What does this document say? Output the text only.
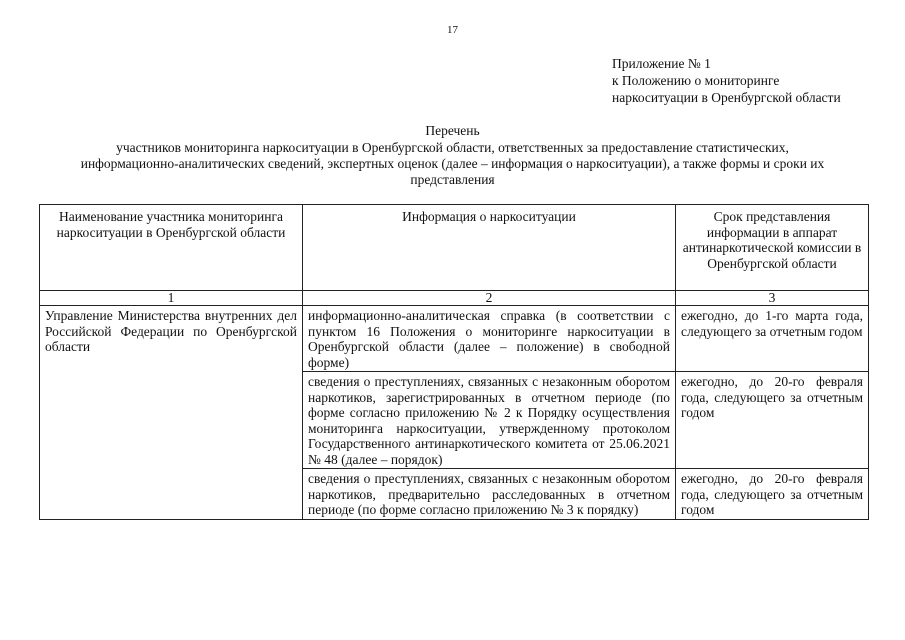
17
Приложение № 1
к Положению о мониторинге
наркоситуации в Оренбургской области
Перечень
участников мониторинга наркоситуации в Оренбургской области, ответственных за предоставление статистических,
информационно-аналитических сведений, экспертных оценок (далее – информация о наркоситуации), а также формы и сроки их
представления
Наименование участника мониторинга наркоситуации в Оренбургской области	Информация о наркоситуации	Срок представления информации в аппарат антинаркотической комиссии в Оренбургской области
1	2	3
Управление Министерства внутренних дел Российской Федерации по Оренбургской области	информационно-аналитическая справка (в соответствии с пунктом 16 Положения о мониторинге наркоситуации в Оренбургской области (далее – положение) в свободной форме)	ежегодно, до 1-го марта года, следующего за отчетным годом
	сведения о преступлениях, связанных с незаконным оборотом наркотиков, зарегистрированных в отчетном периоде (по форме согласно приложению № 2 к Порядку осуществления мониторинга наркоситуации, утвержденному протоколом Государственного антинаркотического комитета от 25.06.2021 № 48 (далее – порядок)	ежегодно, до 20-го февраля года, следующего за отчетным годом
	сведения о преступлениях, связанных с незаконным оборотом наркотиков, предварительно расследованных в отчетном периоде (по форме согласно приложению № 3 к порядку)	ежегодно, до 20-го февраля года, следующего за отчетным годом
